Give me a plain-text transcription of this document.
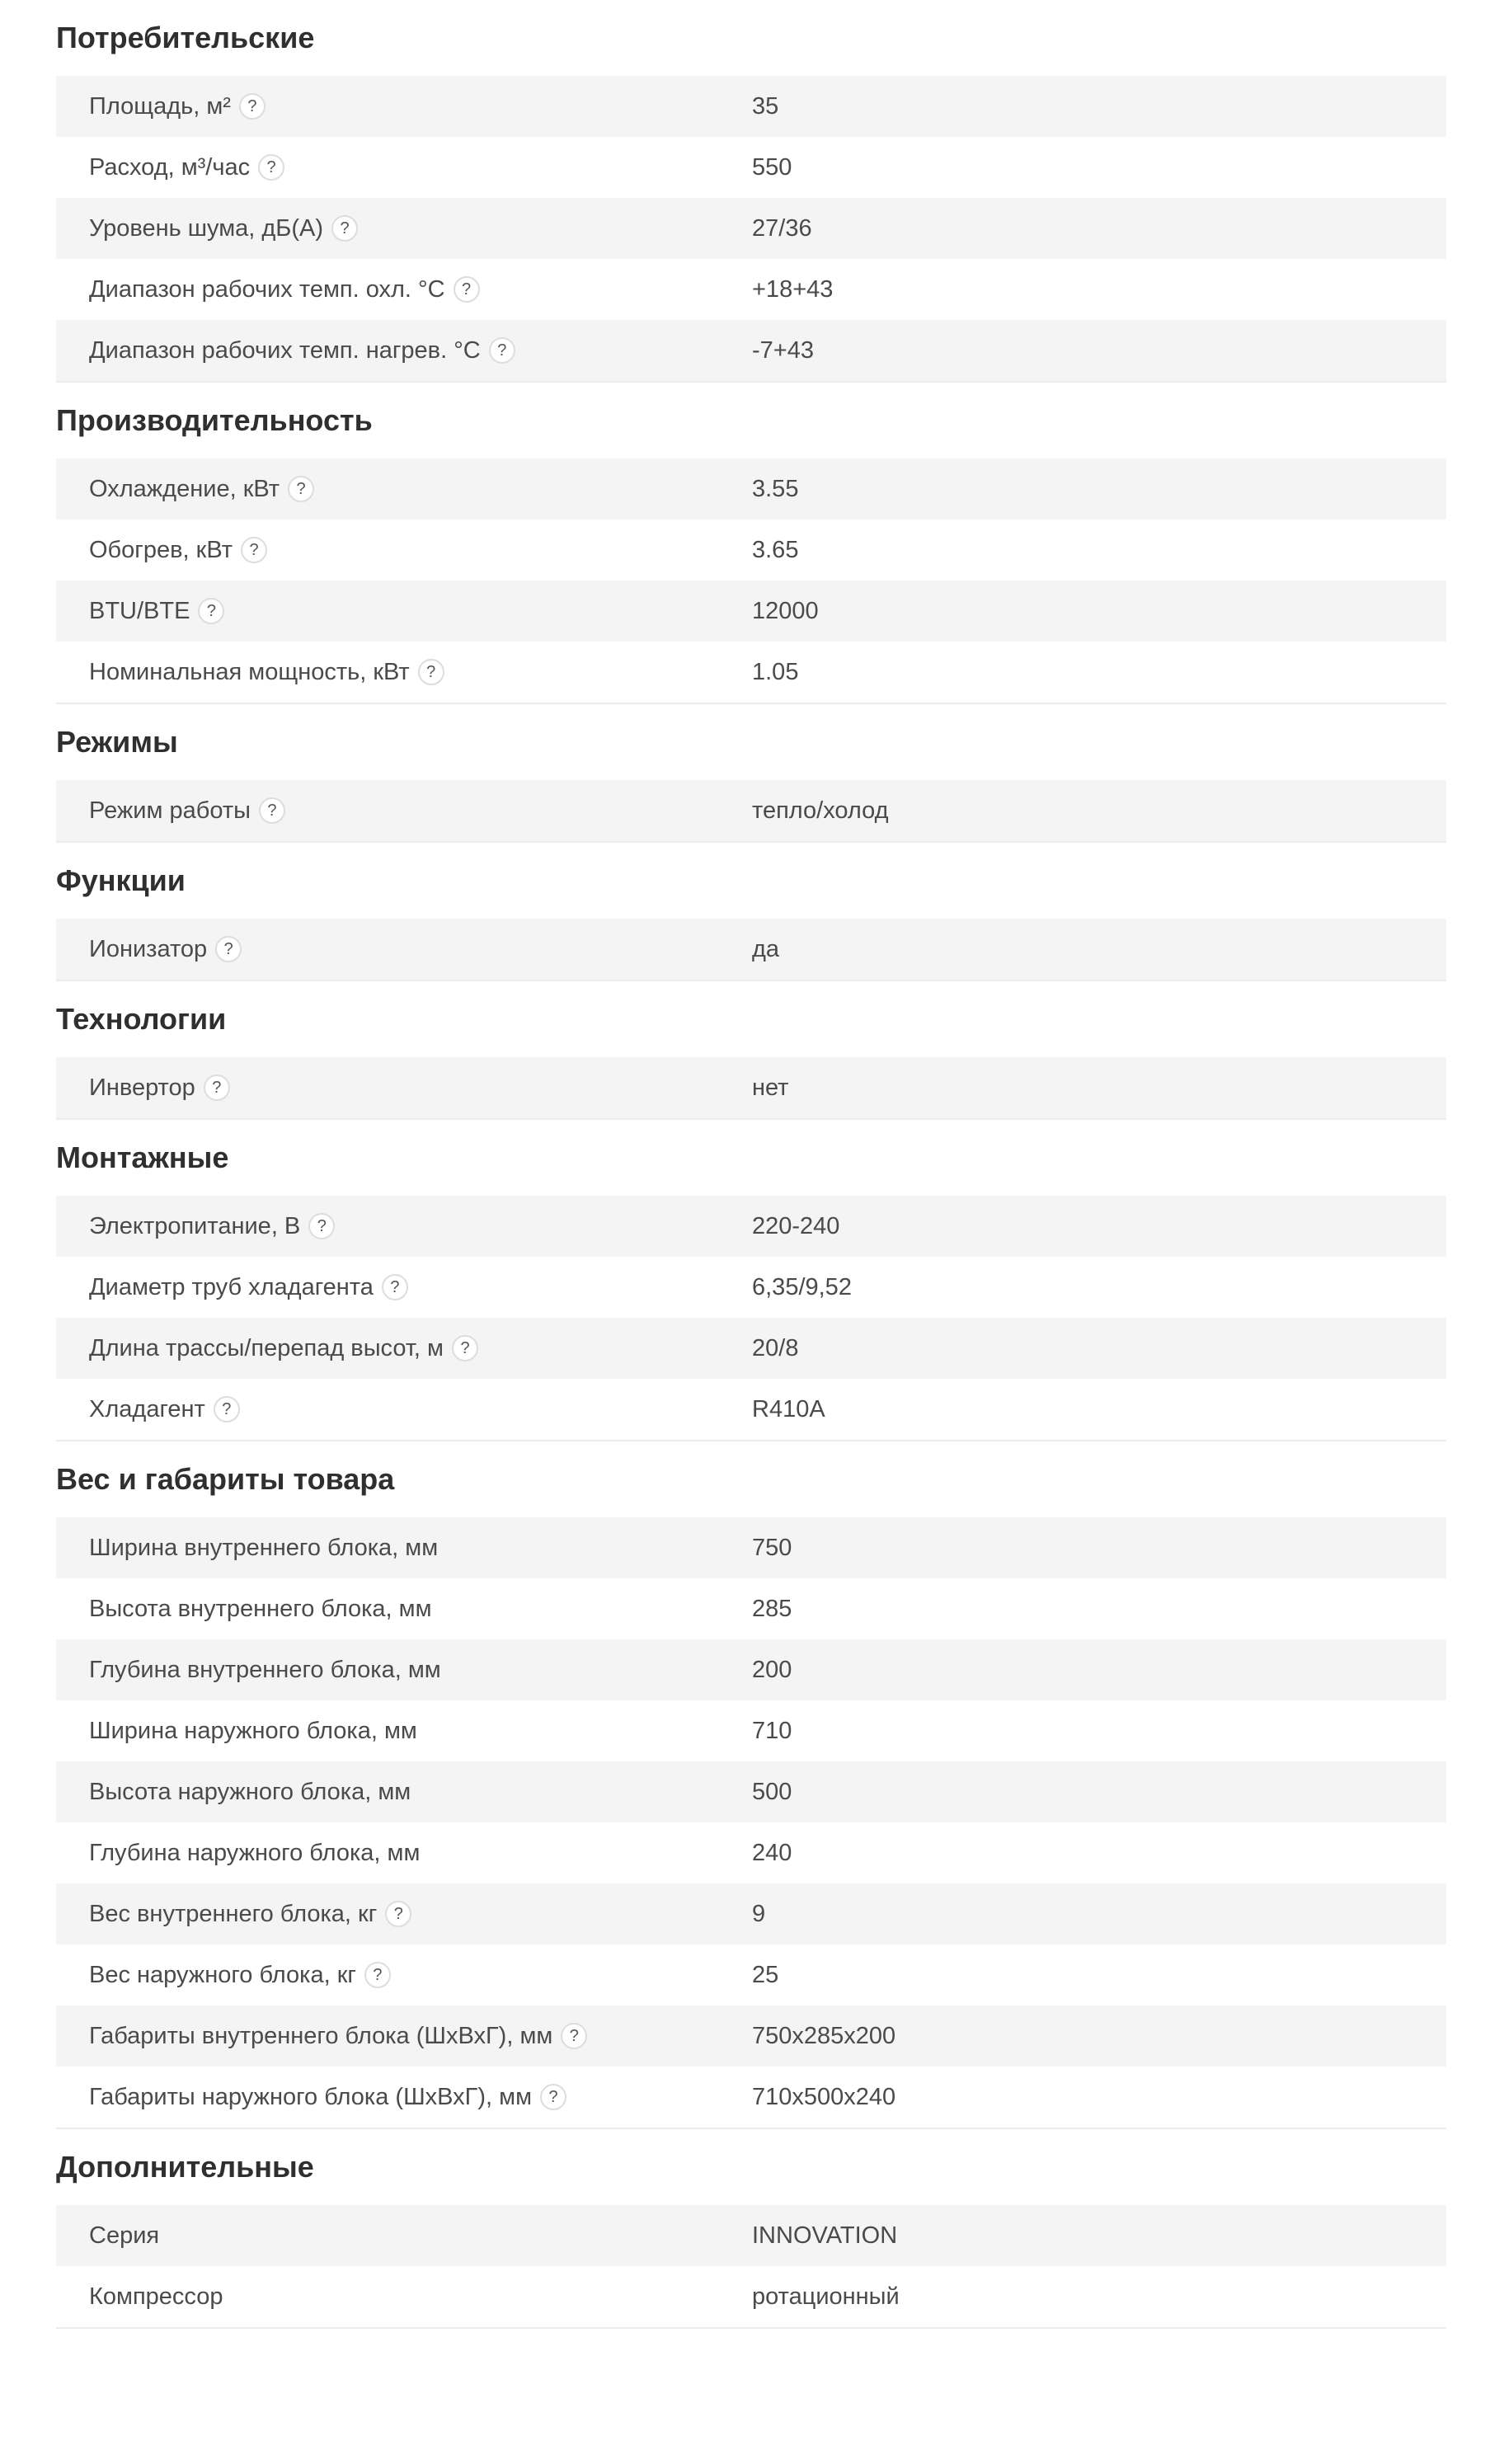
Потребительские
Площадь, м²	?	35
Расход, м³/час	?	550
Уровень шума, дБ(А)	?	27/36
Диапазон рабочих темп. охл. °C	?	+18+43
Диапазон рабочих темп. нагрев. °C	?	-7+43
Производительность
Охлаждение, кВт	?	3.55
Обогрев, кВт	?	3.65
BTU/BTE	?	12000
Номинальная мощность, кВт	?	1.05
Режимы
Режим работы	?	тепло/холод
Функции
Ионизатор	?	да
Технологии
Инвертор	?	нет
Монтажные
Электропитание, В	?	220-240
Диаметр труб хладагента	?	6,35/9,52
Длина трассы/перепад высот, м	?	20/8
Хладагент	?	R410A
Вес и габариты товара
Ширина внутреннего блока, мм	750
Высота внутреннего блока, мм	285
Глубина внутреннего блока, мм	200
Ширина наружного блока, мм	710
Высота наружного блока, мм	500
Глубина наружного блока, мм	240
Вес внутреннего блока, кг	?	9
Вес наружного блока, кг	?	25
Габариты внутреннего блока (ШхВхГ), мм	?	750x285x200
Габариты наружного блока (ШхВхГ), мм	?	710x500x240
Дополнительные
Серия	INNOVATION
Компрессор	ротационный
